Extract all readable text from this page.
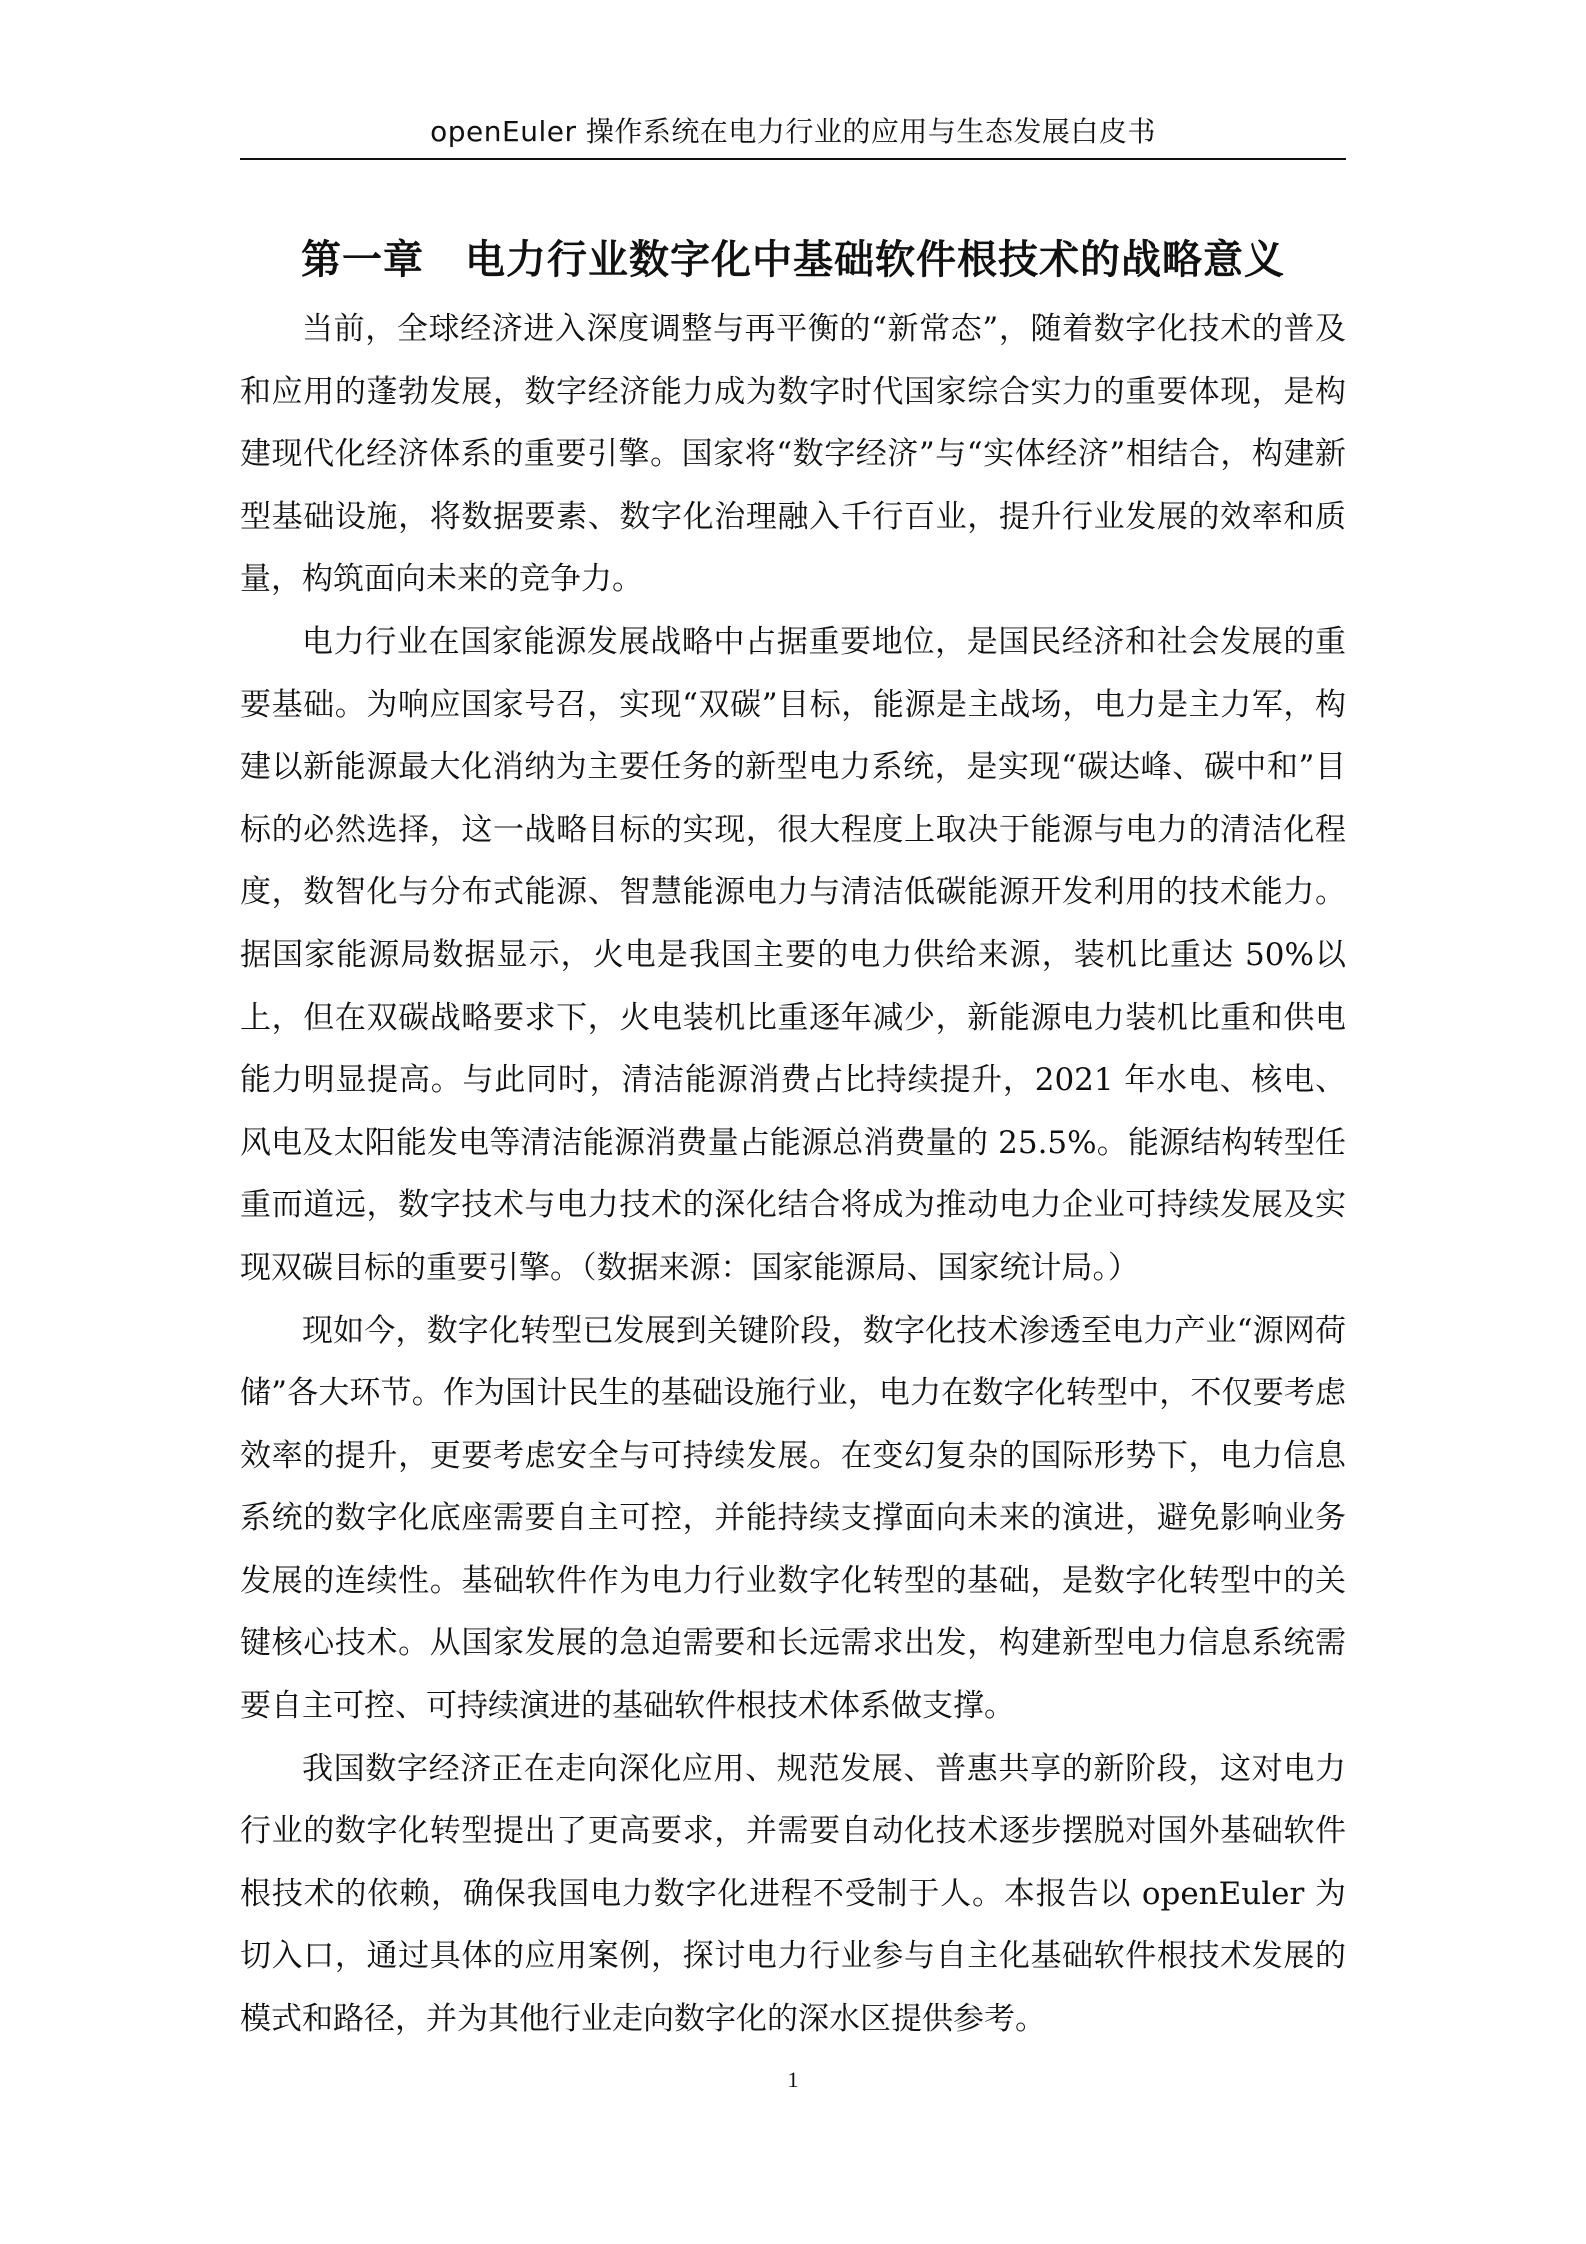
openEuler 操作系统在电力行业的应用与生态发展白皮书
第一章　电力行业数字化中基础软件根技术的战略意义

当前，全球经济进入深度调整与再平衡的“新常态”，随着数字化技术的普及和应用的蓬勃发展，数字经济能力成为数字时代国家综合实力的重要体现，是构建现代化经济体系的重要引擎。国家将“数字经济”与“实体经济”相结合，构建新型基础设施，将数据要素、数字化治理融入千行百业，提升行业发展的效率和质量，构筑面向未来的竞争力。

电力行业在国家能源发展战略中占据重要地位，是国民经济和社会发展的重要基础。为响应国家号召，实现“双碳”目标，能源是主战场，电力是主力军，构建以新能源最大化消纳为主要任务的新型电力系统，是实现“碳达峰、碳中和”目标的必然选择，这一战略目标的实现，很大程度上取决于能源与电力的清洁化程度，数智化与分布式能源、智慧能源电力与清洁低碳能源开发利用的技术能力。据国家能源局数据显示，火电是我国主要的电力供给来源，装机比重达 50%以上，但在双碳战略要求下，火电装机比重逐年减少，新能源电力装机比重和供电能力明显提高。与此同时，清洁能源消费占比持续提升，2021 年水电、核电、风电及太阳能发电等清洁能源消费量占能源总消费量的 25.5%。能源结构转型任重而道远，数字技术与电力技术的深化结合将成为推动电力企业可持续发展及实现双碳目标的重要引擎。（数据来源：国家能源局、国家统计局。）

现如今，数字化转型已发展到关键阶段，数字化技术渗透至电力产业“源网荷储”各大环节。作为国计民生的基础设施行业，电力在数字化转型中，不仅要考虑效率的提升，更要考虑安全与可持续发展。在变幻复杂的国际形势下，电力信息系统的数字化底座需要自主可控，并能持续支撑面向未来的演进，避免影响业务发展的连续性。基础软件作为电力行业数字化转型的基础，是数字化转型中的关键核心技术。从国家发展的急迫需要和长远需求出发，构建新型电力信息系统需要自主可控、可持续演进的基础软件根技术体系做支撑。

我国数字经济正在走向深化应用、规范发展、普惠共享的新阶段，这对电力行业的数字化转型提出了更高要求，并需要自动化技术逐步摆脱对国外基础软件根技术的依赖，确保我国电力数字化进程不受制于人。本报告以 openEuler 为切入口，通过具体的应用案例，探讨电力行业参与自主化基础软件根技术发展的模式和路径，并为其他行业走向数字化的深水区提供参考。

1
